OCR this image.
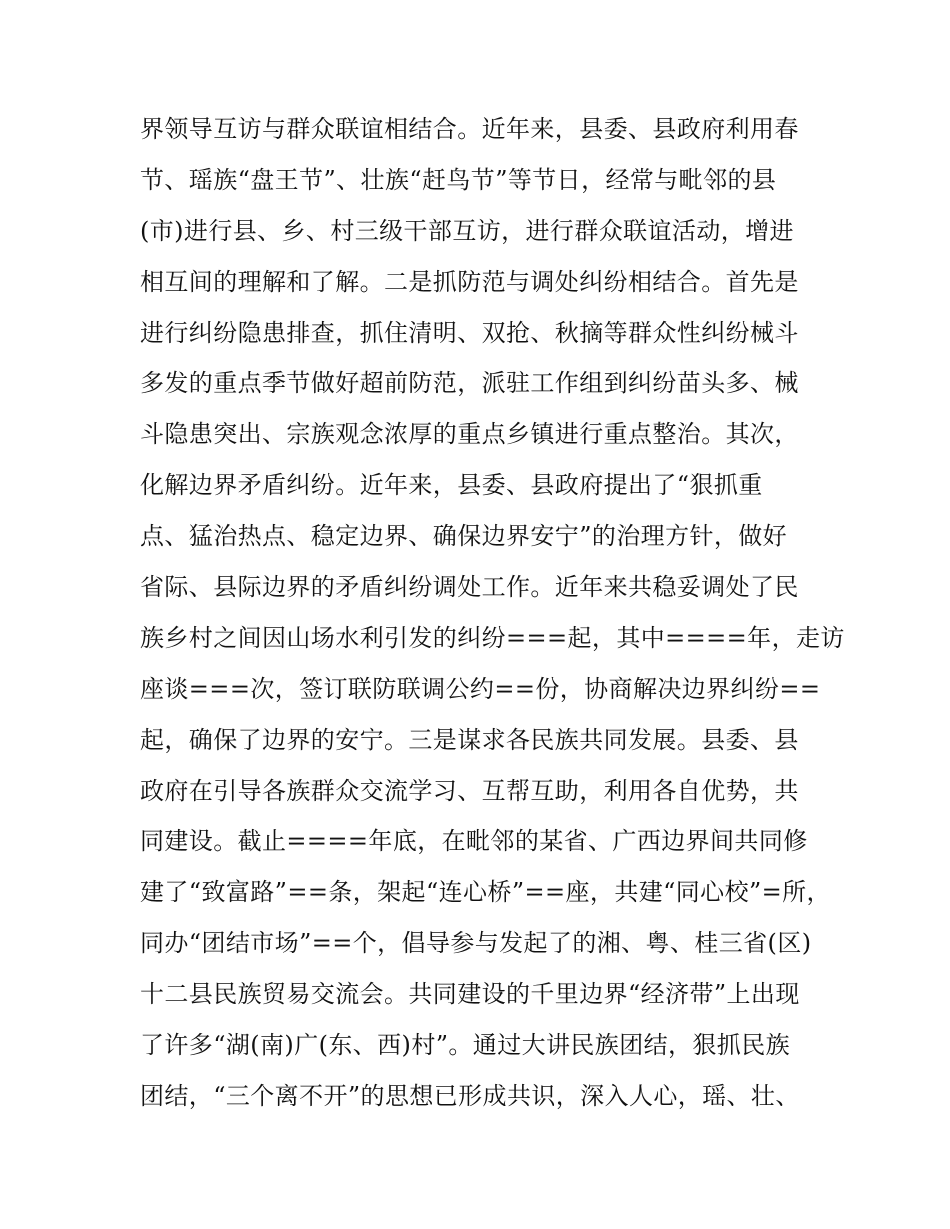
界领导互访与群众联谊相结合。近年来，县委、县政府利用春
节、瑶族“盘王节”、壮族“赶鸟节”等节日，经常与毗邻的县
(市)进行县、乡、村三级干部互访，进行群众联谊活动，增进
相互间的理解和了解。二是抓防范与调处纠纷相结合。首先是
进行纠纷隐患排查，抓住清明、双抢、秋摘等群众性纠纷械斗
多发的重点季节做好超前防范，派驻工作组到纠纷苗头多、械
斗隐患突出、宗族观念浓厚的重点乡镇进行重点整治。其次，
化解边界矛盾纠纷。近年来，县委、县政府提出了“狠抓重
点、猛治热点、稳定边界、确保边界安宁”的治理方针，做好
省际、县际边界的矛盾纠纷调处工作。近年来共稳妥调处了民
族乡村之间因山场水利引发的纠纷===起，其中====年，走访
座谈===次，签订联防联调公约==份，协商解决边界纠纷==
起，确保了边界的安宁。三是谋求各民族共同发展。县委、县
政府在引导各族群众交流学习、互帮互助，利用各自优势，共
同建设。截止====年底，在毗邻的某省、广西边界间共同修
建了“致富路”==条，架起“连心桥”==座，共建“同心校”=所，
同办“团结市场”==个，倡导参与发起了的湘、粤、桂三省(区)
十二县民族贸易交流会。共同建设的千里边界“经济带”上出现
了许多“湖(南)广(东、西)村”。通过大讲民族团结，狠抓民族
团结，“三个离不开”的思想已形成共识，深入人心，瑶、壮、
